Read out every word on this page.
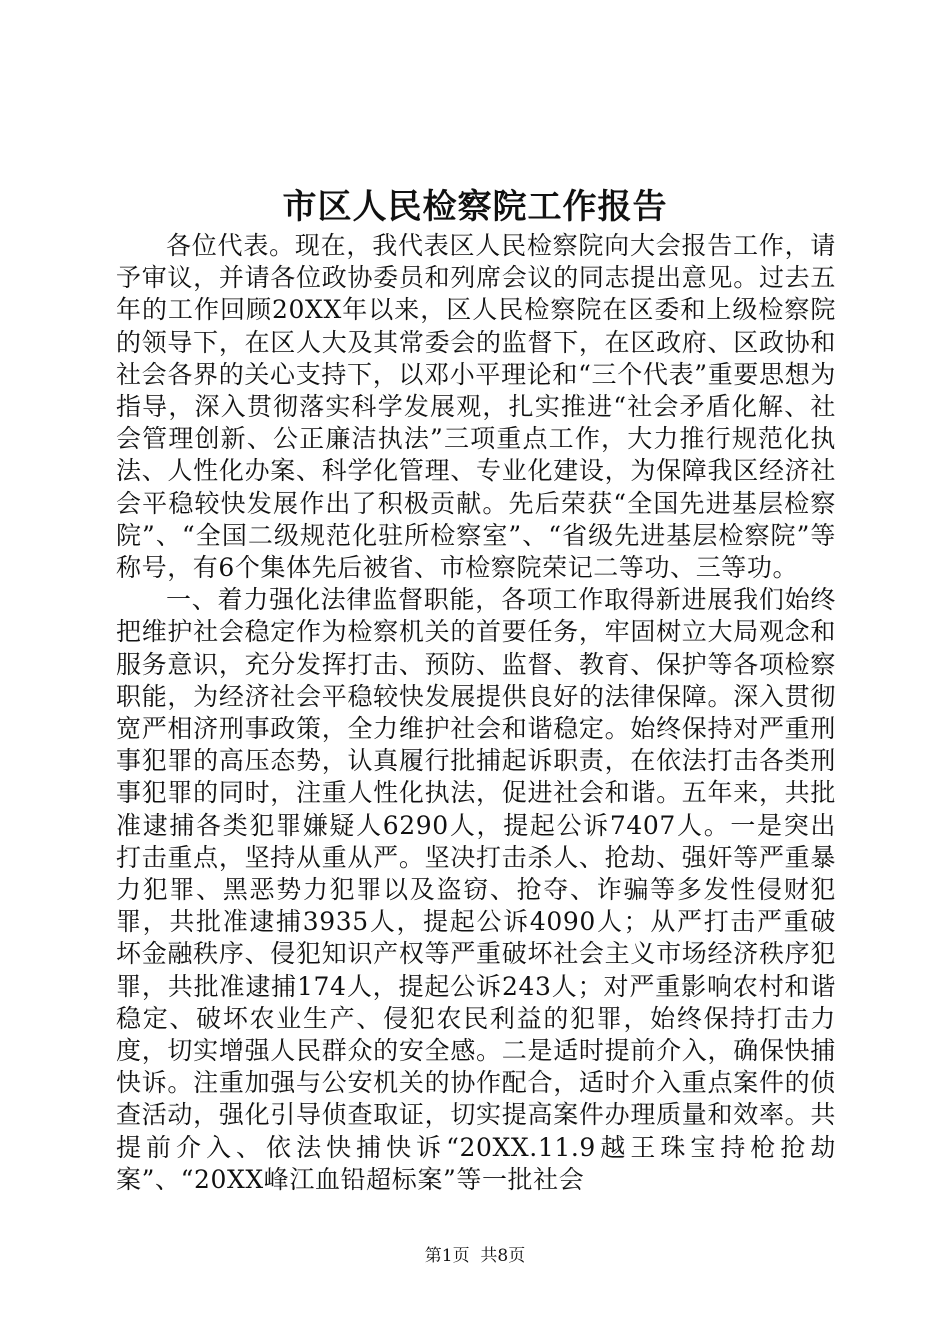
市区人民检察院工作报告

各位代表。现在，我代表区人民检察院向大会报告工作，请予审议，并请各位政协委员和列席会议的同志提出意见。过去五年的工作回顾20XX年以来，区人民检察院在区委和上级检察院的领导下，在区人大及其常委会的监督下，在区政府、区政协和社会各界的关心支持下，以邓小平理论和“三个代表”重要思想为指导，深入贯彻落实科学发展观，扎实推进“社会矛盾化解、社会管理创新、公正廉洁执法”三项重点工作，大力推行规范化执法、人性化办案、科学化管理、专业化建设，为保障我区经济社会平稳较快发展作出了积极贡献。先后荣获“全国先进基层检察院”、“全国二级规范化驻所检察室”、“省级先进基层检察院”等称号，有6个集体先后被省、市检察院荣记二等功、三等功。

一、着力强化法律监督职能，各项工作取得新进展我们始终把维护社会稳定作为检察机关的首要任务，牢固树立大局观念和服务意识，充分发挥打击、预防、监督、教育、保护等各项检察职能，为经济社会平稳较快发展提供良好的法律保障。深入贯彻宽严相济刑事政策，全力维护社会和谐稳定。始终保持对严重刑事犯罪的高压态势，认真履行批捕起诉职责，在依法打击各类刑事犯罪的同时，注重人性化执法，促进社会和谐。五年来，共批准逮捕各类犯罪嫌疑人6290人，提起公诉7407人。一是突出打击重点，坚持从重从严。坚决打击杀人、抢劫、强奸等严重暴力犯罪、黑恶势力犯罪以及盗窃、抢夺、诈骗等多发性侵财犯罪，共批准逮捕3935人，提起公诉4090人；从严打击严重破坏金融秩序、侵犯知识产权等严重破坏社会主义市场经济秩序犯罪，共批准逮捕174人，提起公诉243人；对严重影响农村和谐稳定、破坏农业生产、侵犯农民利益的犯罪，始终保持打击力度，切实增强人民群众的安全感。二是适时提前介入，确保快捕快诉。注重加强与公安机关的协作配合，适时介入重点案件的侦查活动，强化引导侦查取证，切实提高案件办理质量和效率。共提前介入、依法快捕快诉“20XX.11.9越王珠宝持枪抢劫案”、“20XX峰江血铅超标案”等一批社会

第1页 共8页
